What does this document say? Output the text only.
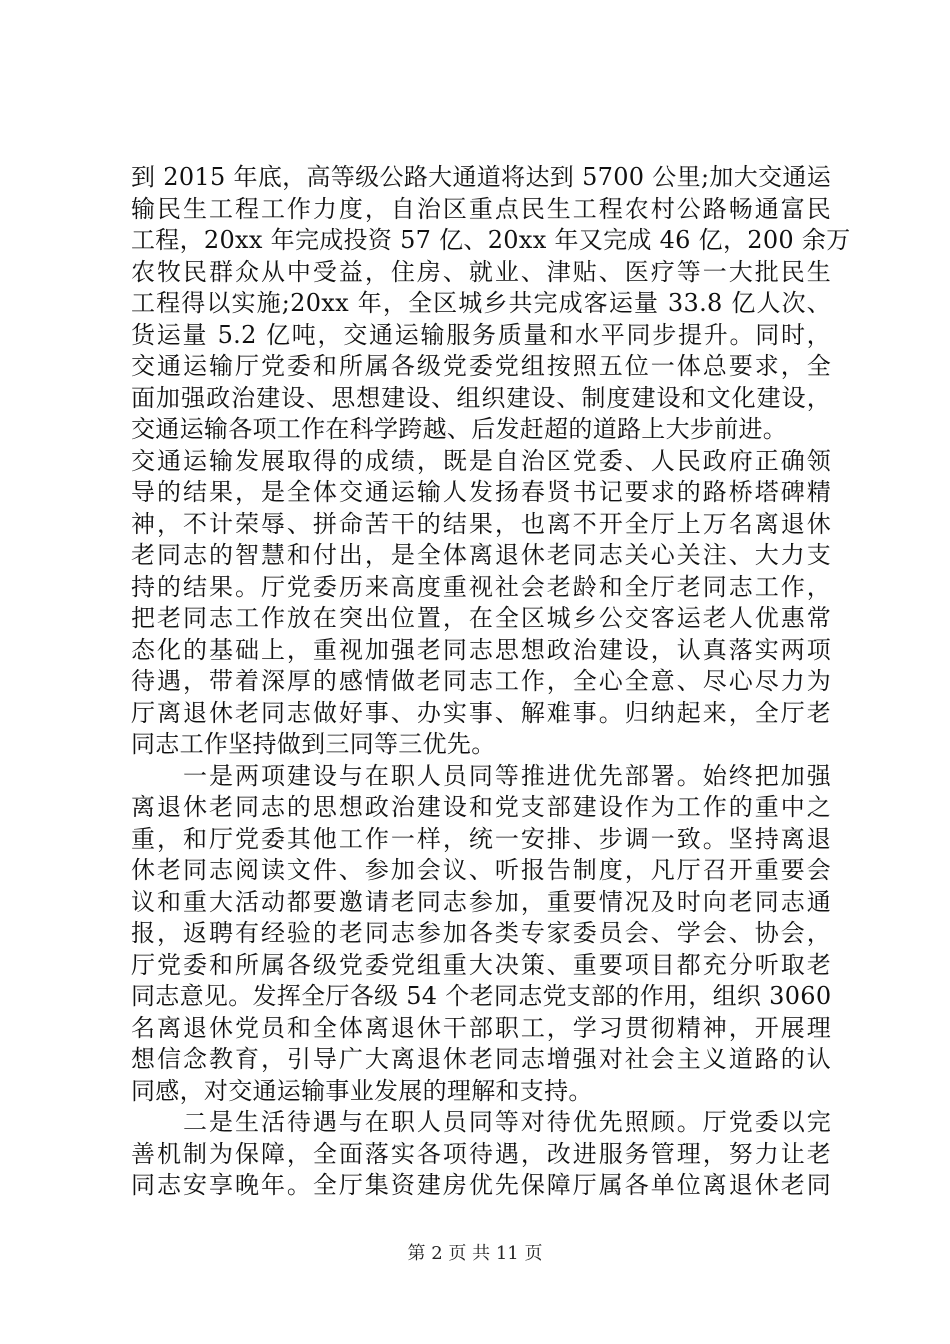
到 2015 年底，高等级公路大通道将达到 5700 公里;加大交通运
输民生工程工作力度，自治区重点民生工程农村公路畅通富民
工程，20xx 年完成投资 57 亿、20xx 年又完成 46 亿，200 余万
农牧民群众从中受益，住房、就业、津贴、医疗等一大批民生
工程得以实施;20xx 年，全区城乡共完成客运量 33.8 亿人次、
货运量 5.2 亿吨，交通运输服务质量和水平同步提升。同时，
交通运输厅党委和所属各级党委党组按照五位一体总要求，全
面加强政治建设、思想建设、组织建设、制度建设和文化建设，
交通运输各项工作在科学跨越、后发赶超的道路上大步前进。
交通运输发展取得的成绩，既是自治区党委、人民政府正确领
导的结果，是全体交通运输人发扬春贤书记要求的路桥塔碑精
神，不计荣辱、拼命苦干的结果，也离不开全厅上万名离退休
老同志的智慧和付出，是全体离退休老同志关心关注、大力支
持的结果。厅党委历来高度重视社会老龄和全厅老同志工作，
把老同志工作放在突出位置，在全区城乡公交客运老人优惠常
态化的基础上，重视加强老同志思想政治建设，认真落实两项
待遇，带着深厚的感情做老同志工作，全心全意、尽心尽力为
厅离退休老同志做好事、办实事、解难事。归纳起来，全厅老
同志工作坚持做到三同等三优先。
　　一是两项建设与在职人员同等推进优先部署。始终把加强
离退休老同志的思想政治建设和党支部建设作为工作的重中之
重，和厅党委其他工作一样，统一安排、步调一致。坚持离退
休老同志阅读文件、参加会议、听报告制度，凡厅召开重要会
议和重大活动都要邀请老同志参加，重要情况及时向老同志通
报，返聘有经验的老同志参加各类专家委员会、学会、协会，
厅党委和所属各级党委党组重大决策、重要项目都充分听取老
同志意见。发挥全厅各级 54 个老同志党支部的作用，组织 3060
名离退休党员和全体离退休干部职工，学习贯彻精神，开展理
想信念教育，引导广大离退休老同志增强对社会主义道路的认
同感，对交通运输事业发展的理解和支持。
　　二是生活待遇与在职人员同等对待优先照顾。厅党委以完
善机制为保障，全面落实各项待遇，改进服务管理，努力让老
同志安享晚年。全厅集资建房优先保障厅属各单位离退休老同
第 2 页 共 11 页
